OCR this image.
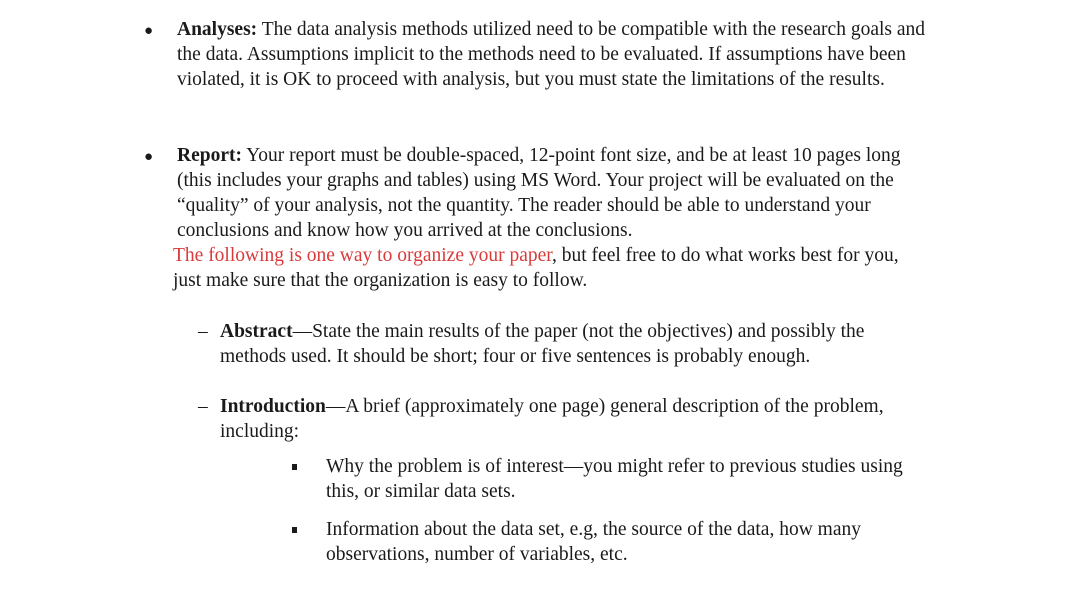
● Analyses: The data analysis methods utilized need to be compatible with the research goals and the data. Assumptions implicit to the methods need to be evaluated. If assumptions have been violated, it is OK to proceed with analysis, but you must state the limitations of the results.
● Report: Your report must be double-spaced, 12-point font size, and be at least 10 pages long (this includes your graphs and tables) using MS Word. Your project will be evaluated on the “quality” of your analysis, not the quantity. The reader should be able to understand your conclusions and know how you arrived at the conclusions.
The following is one way to organize your paper, but feel free to do what works best for you, just make sure that the organization is easy to follow.
– Abstract—State the main results of the paper (not the objectives) and possibly the methods used. It should be short; four or five sentences is probably enough.
– Introduction—A brief (approximately one page) general description of the problem, including:
Why the problem is of interest—you might refer to previous studies using this, or similar data sets.
Information about the data set, e.g, the source of the data, how many observations, number of variables, etc.
